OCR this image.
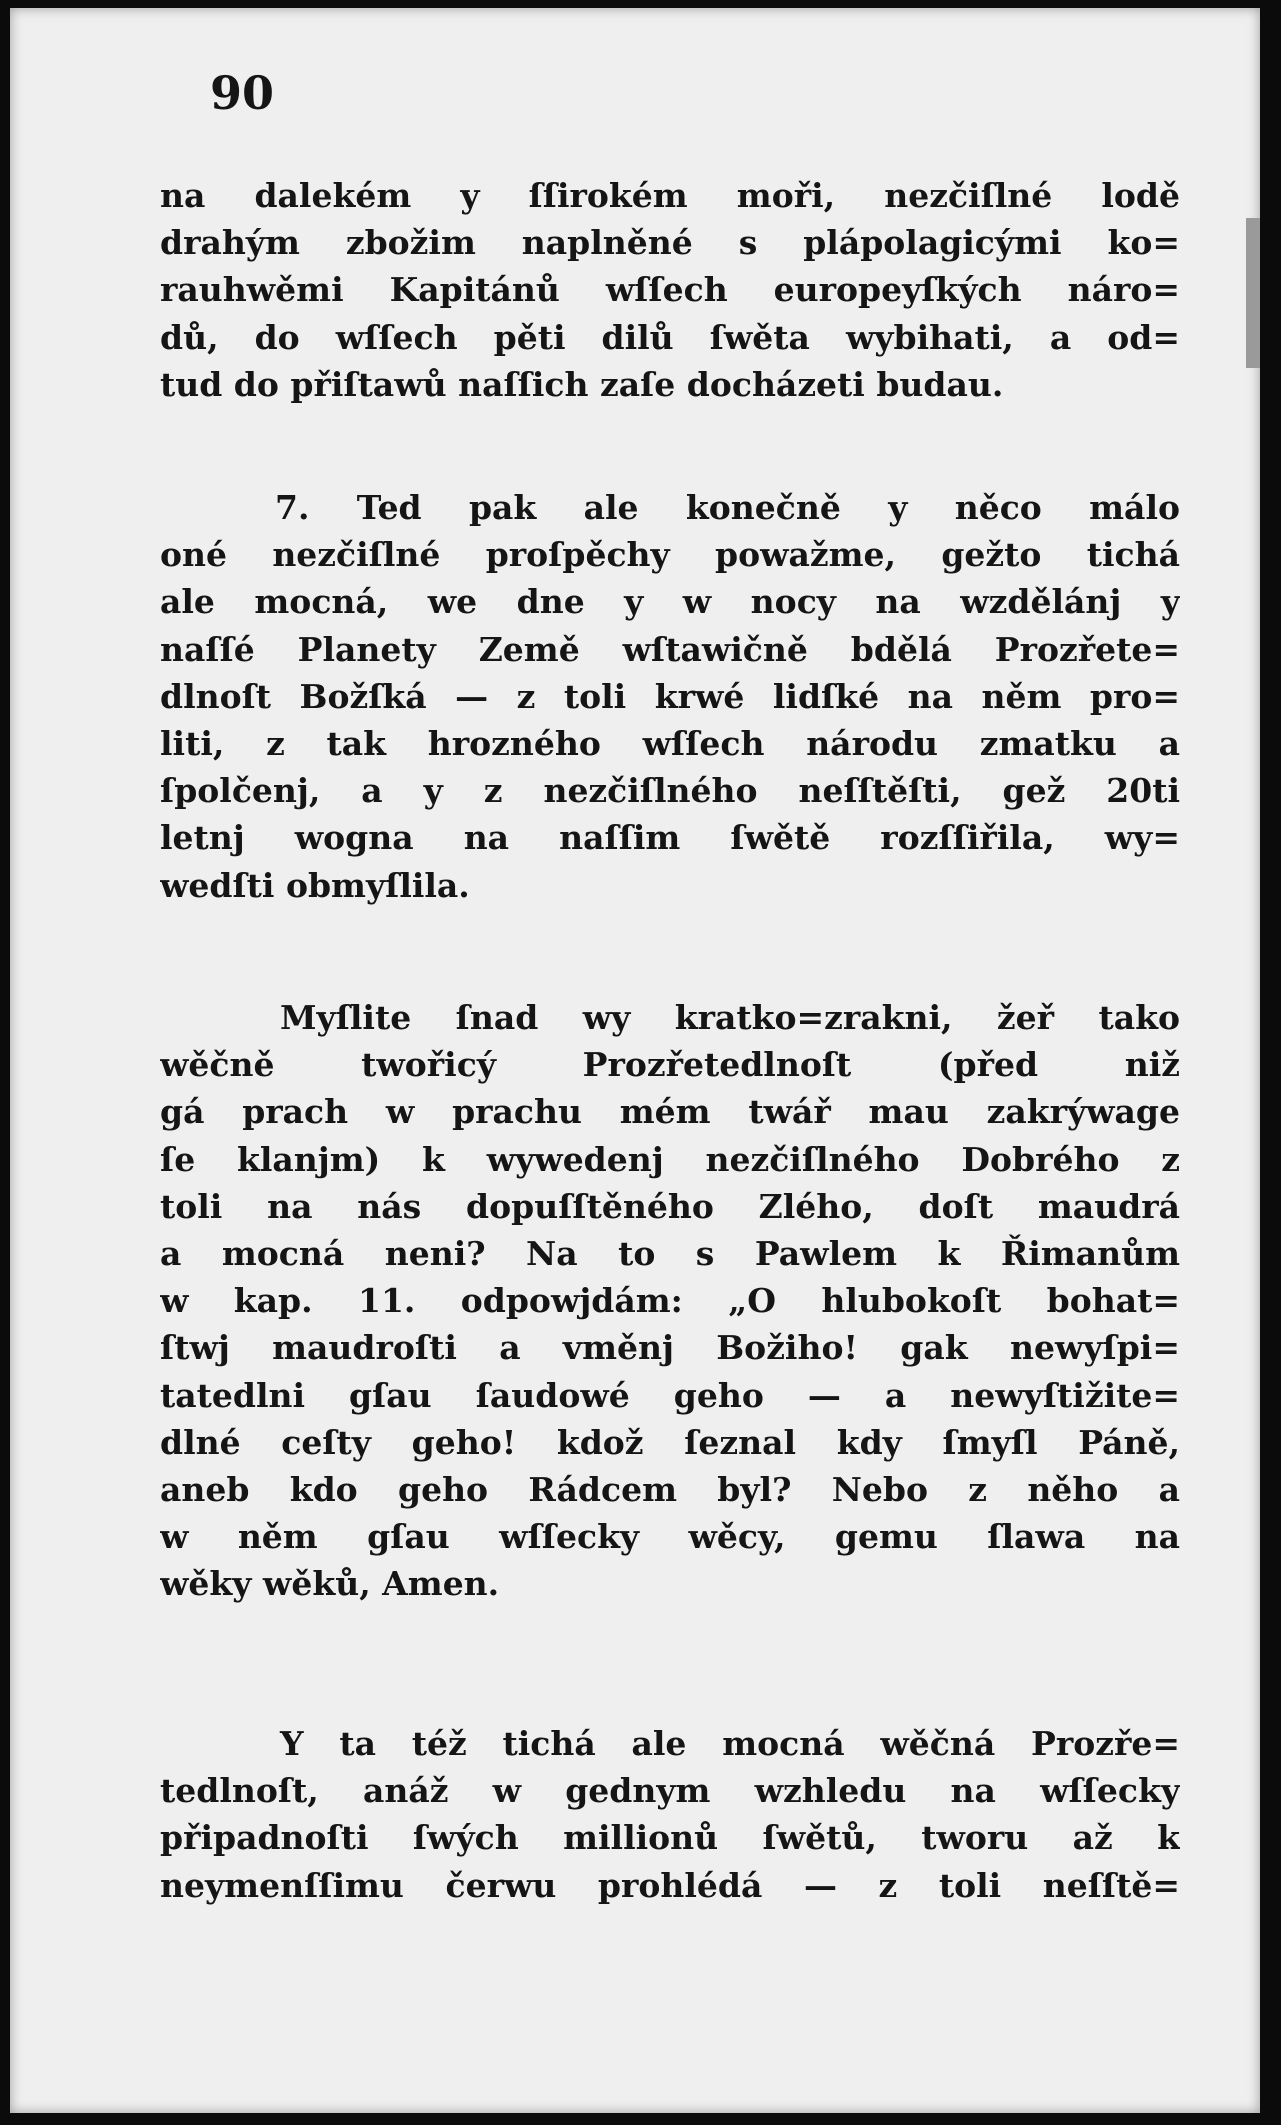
90
na dalekém y ſſirokém moři, nezčiſlné lodě
drahým zbožim naplněné s plápolagicými ko=
rauhwěmi Kapitánů wſſech europeyſkých náro=
dů, do wſſech pěti dilů ſwěta wybihati, a od=
tud do přiſtawů naſſich zaſe docházeti budau.
7. Ted pak ale konečně y něco málo
oné nezčiſlné proſpěchy powažme, gežto tichá
ale mocná, we dne y w nocy na wzdělánj y
naſſé Planety Země wſtawičně bdělá Prozřete=
dlnoſt Božſká — z toli krwé lidſké na něm pro=
liti, z tak hrozného wſſech národu zmatku a
ſpolčenj, a y z nezčiſlného neſſtěſti, gež 20ti
letnj wogna na naſſim ſwětě rozſſiřila, wy=
wedſti obmyſlila.
Myſlite ſnad wy kratko=zrakni, žeř tako
wěčně twořicý Prozřetedlnoſt (před niž
gá prach w prachu mém twář mau zakrýwage
ſe klanjm) k wywedenj nezčiſlného Dobrého z
toli na nás dopuſſtěného Zlého, doſt maudrá
a mocná neni? Na to s Pawlem k Řimanům
w kap. 11. odpowjdám: „O hlubokoſt bohat=
ſtwj maudroſti a vměnj Božiho! gak newyſpi=
tatedlni gſau ſaudowé geho — a newyſtižite=
dlné ceſty geho! kdož ſeznal kdy ſmyſl Páně,
aneb kdo geho Rádcem byl? Nebo z něho a
w něm gſau wſſecky wěcy, gemu ſlawa na
wěky wěků, Amen.
Y ta též tichá ale mocná wěčná Prozře=
tedlnoſt, anáž w gednym wzhledu na wſſecky
připadnoſti ſwých millionů ſwětů, tworu až k
neymenſſimu čerwu prohlédá — z toli neſſtě=
